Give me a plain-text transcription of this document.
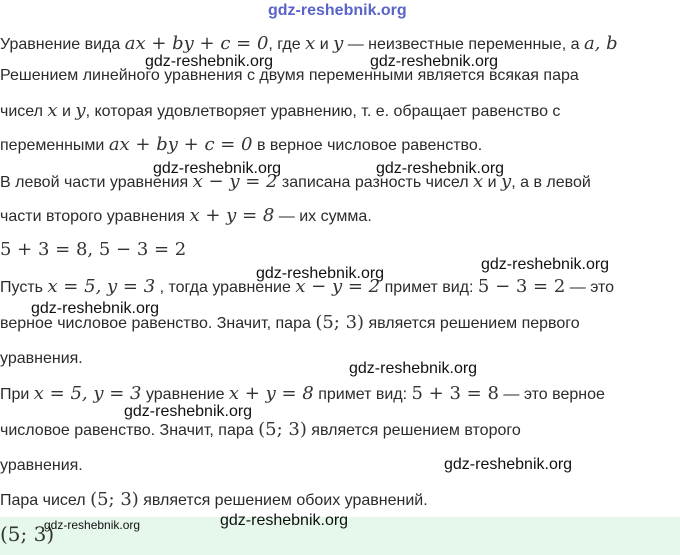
Уравнение вида ax + by + c = 0, где x и y — неизвестные переменные, а a, b
Решением линейного уравнения с двумя переменными является всякая пара
чисел x и y, которая удовлетворяет уравнению, т. е. обращает равенство с
переменными ax + by + c = 0 в верное числовое равенство.
В левой части уравнения x − y = 2 записана разность чисел x и y, а в левой
части второго уравнения x + y = 8 — их сумма.
5 + 3 = 8, 5 − 3 = 2
Пусть x = 5, y = 3 , тогда уравнение x − y = 2 примет вид: 5 − 3 = 2 — это
верное числовое равенство. Значит, пара (5; 3) является решением первого
уравнения.
При x = 5, y = 3 уравнение x + y = 8 примет вид: 5 + 3 = 8 — это верное
числовое равенство. Значит, пара (5; 3) является решением второго
уравнения.
Пара чисел (5; 3) является решением обоих уравнений.
(5; 3)
gdz-reshebnik.org
gdz-reshebnik.org	gdz-reshebnik.org
gdz-reshebnik.org	gdz-reshebnik.org
gdz-reshebnik.org
gdz-reshebnik.org
gdz-reshebnik.org
gdz-reshebnik.org
gdz-reshebnik.org
gdz-reshebnik.org
gdz-reshebnik.org	gdz-reshebnik.org
